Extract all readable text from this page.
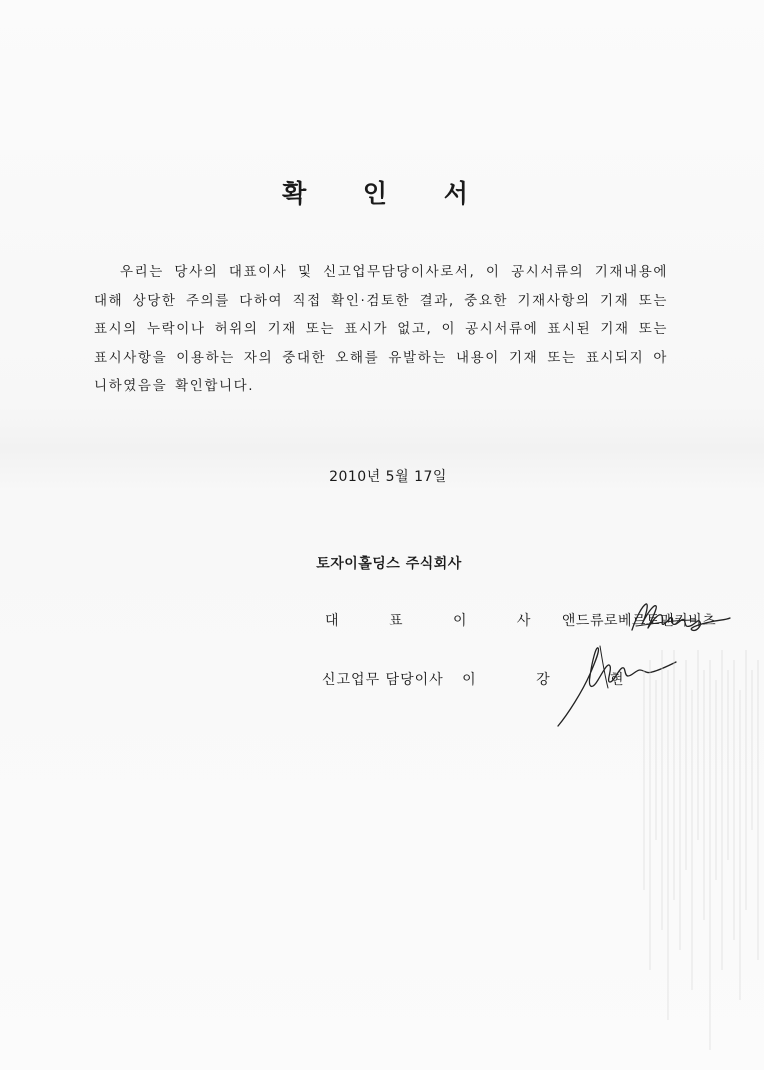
확 인 서
우리는 당사의 대표이사 및 신고업무담당이사로서, 이 공시서류의 기재내용에
대해 상당한 주의를 다하여 직접 확인·검토한 결과, 중요한 기재사항의 기재 또는
표시의 누락이나 허위의 기재 또는 표시가 없고, 이 공시서류에 표시된 기재 또는
표시사항을 이용하는 자의 중대한 오해를 유발하는 내용이 기재 또는 표시되지 아
니하였음을 확인합니다.
2010년 5월 17일
토자이홀딩스 주식회사
대 표 이 사 앤드류로베르토맨키비츠
신고업무 담당이사 이 강 현
